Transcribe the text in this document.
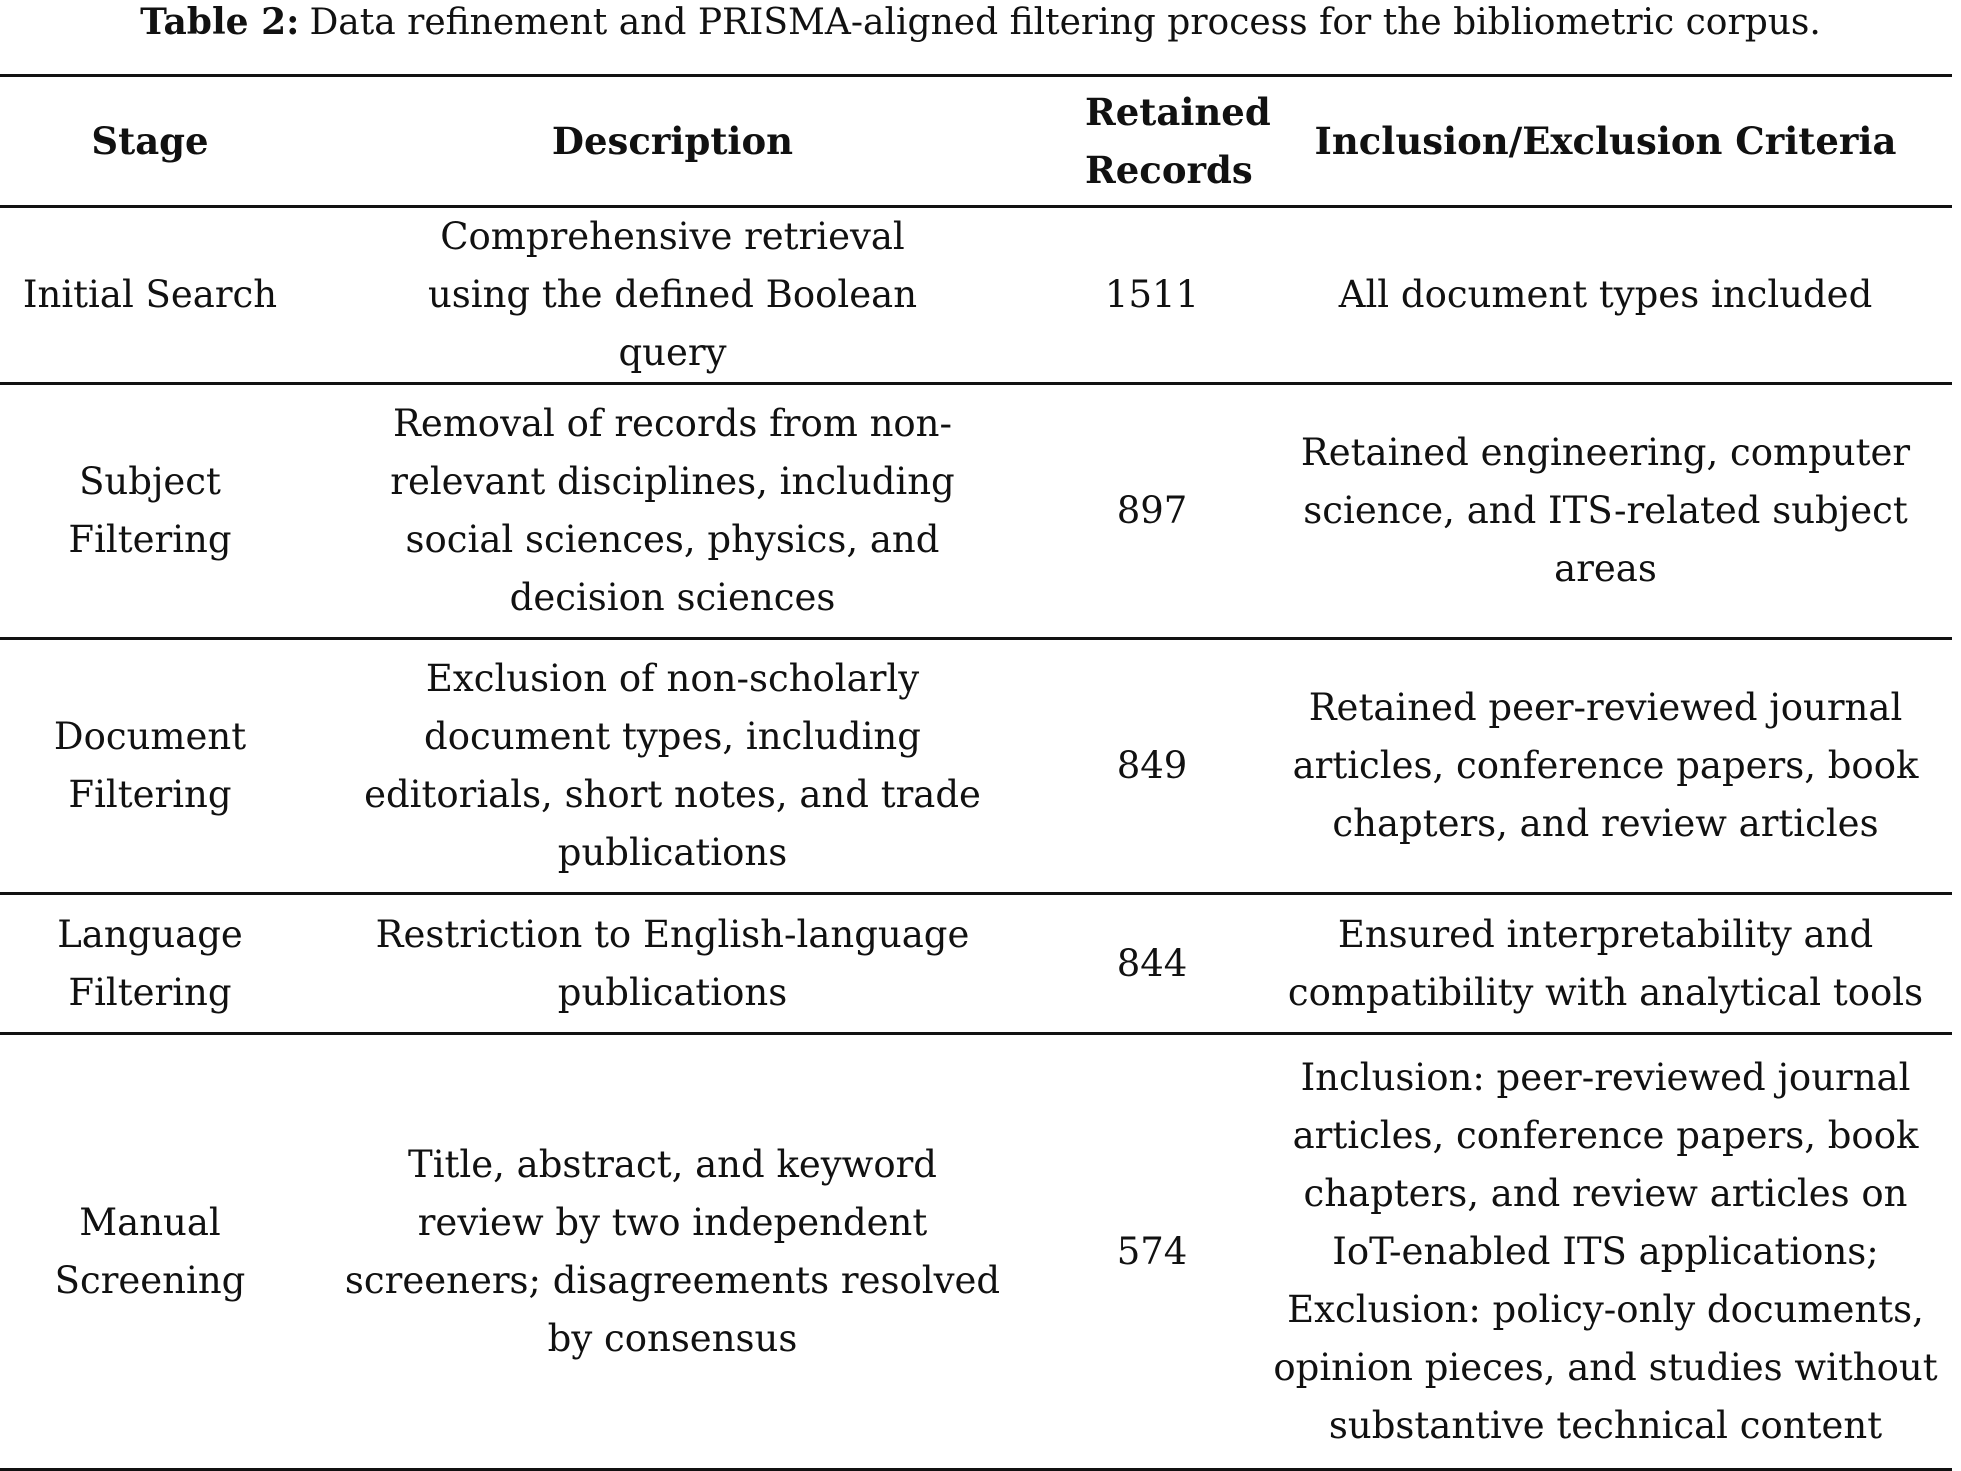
Table 2: Data refinement and PRISMA-aligned filtering process for the bibliometric corpus.
Stage	Description	Retained Records	Inclusion/Exclusion Criteria
Initial Search	Comprehensive retrieval using the defined Boolean query	1511	All document types included
Subject Filtering	Removal of records from non-relevant disciplines, including social sciences, physics, and decision sciences	897	Retained engineering, computer science, and ITS-related subject areas
Document Filtering	Exclusion of non-scholarly document types, including editorials, short notes, and trade publications	849	Retained peer-reviewed journal articles, conference papers, book chapters, and review articles
Language Filtering	Restriction to English-language publications	844	Ensured interpretability and compatibility with analytical tools
Manual Screening	Title, abstract, and keyword review by two independent screeners; disagreements resolved by consensus	574	Inclusion: peer-reviewed journal articles, conference papers, book chapters, and review articles on IoT-enabled ITS applications; Exclusion: policy-only documents, opinion pieces, and studies without substantive technical content
